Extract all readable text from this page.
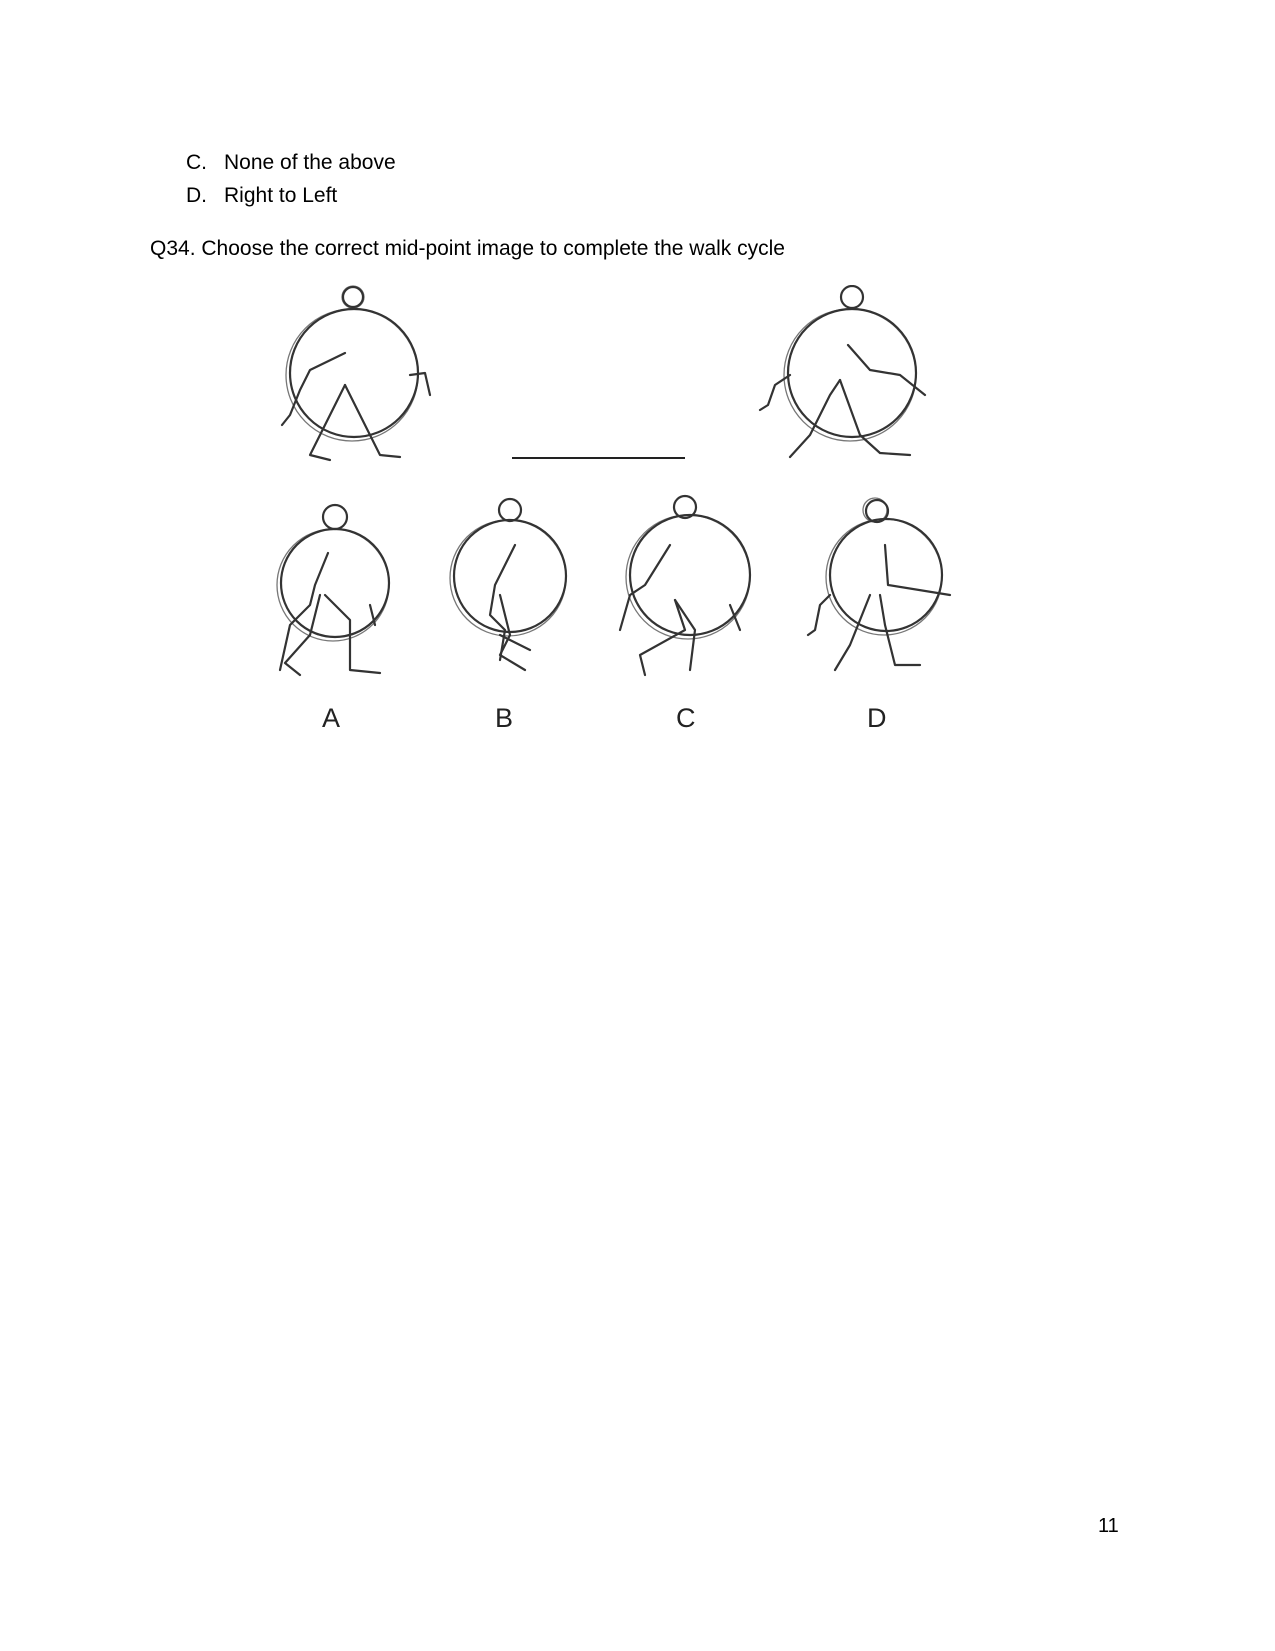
C. None of the above
D. Right to Left
Q34. Choose the correct mid-point image to complete the walk cycle
A	B	C	D
11
